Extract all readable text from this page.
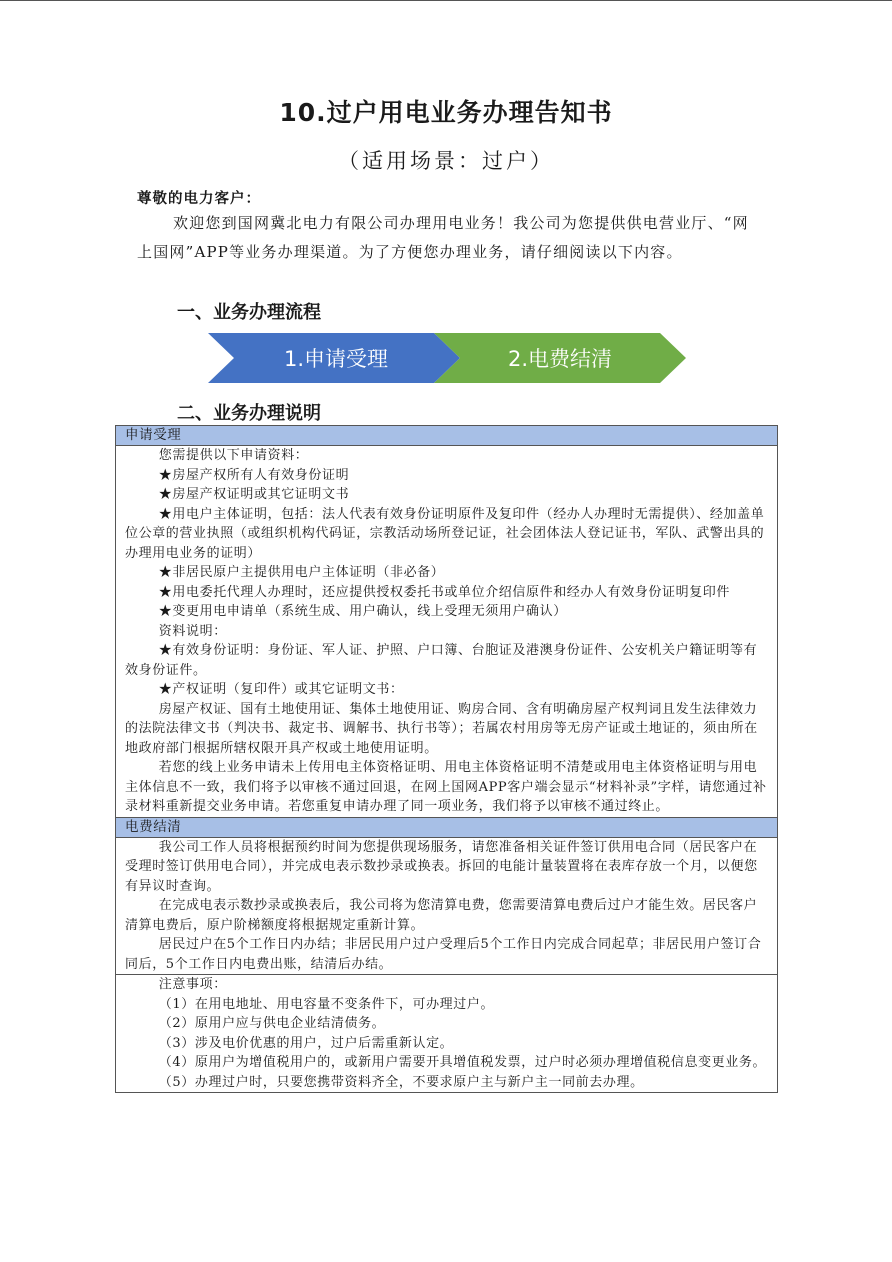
10.过户用电业务办理告知书
（适用场景：过户）
尊敬的电力客户：

欢迎您到国网冀北电力有限公司办理用电业务！我公司为您提供供电营业厅、“网上国网”APP等业务办理渠道。为了方便您办理业务，请仔细阅读以下内容。

一、业务办理流程
1.申请受理	2.电费结清
二、业务办理说明
申请受理

您需提供以下申请资料：

★房屋产权所有人有效身份证明

★房屋产权证明或其它证明文书

★用电户主体证明，包括：法人代表有效身份证明原件及复印件（经办人办理时无需提供）、经加盖单位公章的营业执照（或组织机构代码证，宗教活动场所登记证，社会团体法人登记证书，军队、武警出具的办理用电业务的证明）

★非居民原户主提供用电户主体证明（非必备）

★用电委托代理人办理时，还应提供授权委托书或单位介绍信原件和经办人有效身份证明复印件

★变更用电申请单（系统生成、用户确认，线上受理无须用户确认）

资料说明：

★有效身份证明：身份证、军人证、护照、户口簿、台胞证及港澳身份证件、公安机关户籍证明等有效身份证件。

★产权证明（复印件）或其它证明文书：

房屋产权证、国有土地使用证、集体土地使用证、购房合同、含有明确房屋产权判词且发生法律效力的法院法律文书（判决书、裁定书、调解书、执行书等）；若属农村用房等无房产证或土地证的，须由所在地政府部门根据所辖权限开具产权或土地使用证明。

若您的线上业务申请未上传用电主体资格证明、用电主体资格证明不清楚或用电主体资格证明与用电主体信息不一致，我们将予以审核不通过回退，在网上国网APP客户端会显示“材料补录”字样，请您通过补录材料重新提交业务申请。若您重复申请办理了同一项业务，我们将予以审核不通过终止。

电费结清

我公司工作人员将根据预约时间为您提供现场服务，请您准备相关证件签订供用电合同（居民客户在受理时签订供用电合同），并完成电表示数抄录或换表。拆回的电能计量装置将在表库存放一个月，以便您有异议时查询。

在完成电表示数抄录或换表后，我公司将为您清算电费，您需要清算电费后过户才能生效。居民客户清算电费后，原户阶梯额度将根据规定重新计算。

居民过户在5个工作日内办结；非居民用户过户受理后5个工作日内完成合同起草；非居民用户签订合同后，5个工作日内电费出账，结清后办结。

注意事项：

（1）在用电地址、用电容量不变条件下，可办理过户。

（2）原用户应与供电企业结清债务。

（3）涉及电价优惠的用户，过户后需重新认定。

（4）原用户为增值税用户的，或新用户需要开具增值税发票，过户时必须办理增值税信息变更业务。

（5）办理过户时，只要您携带资料齐全，不要求原户主与新户主一同前去办理。
